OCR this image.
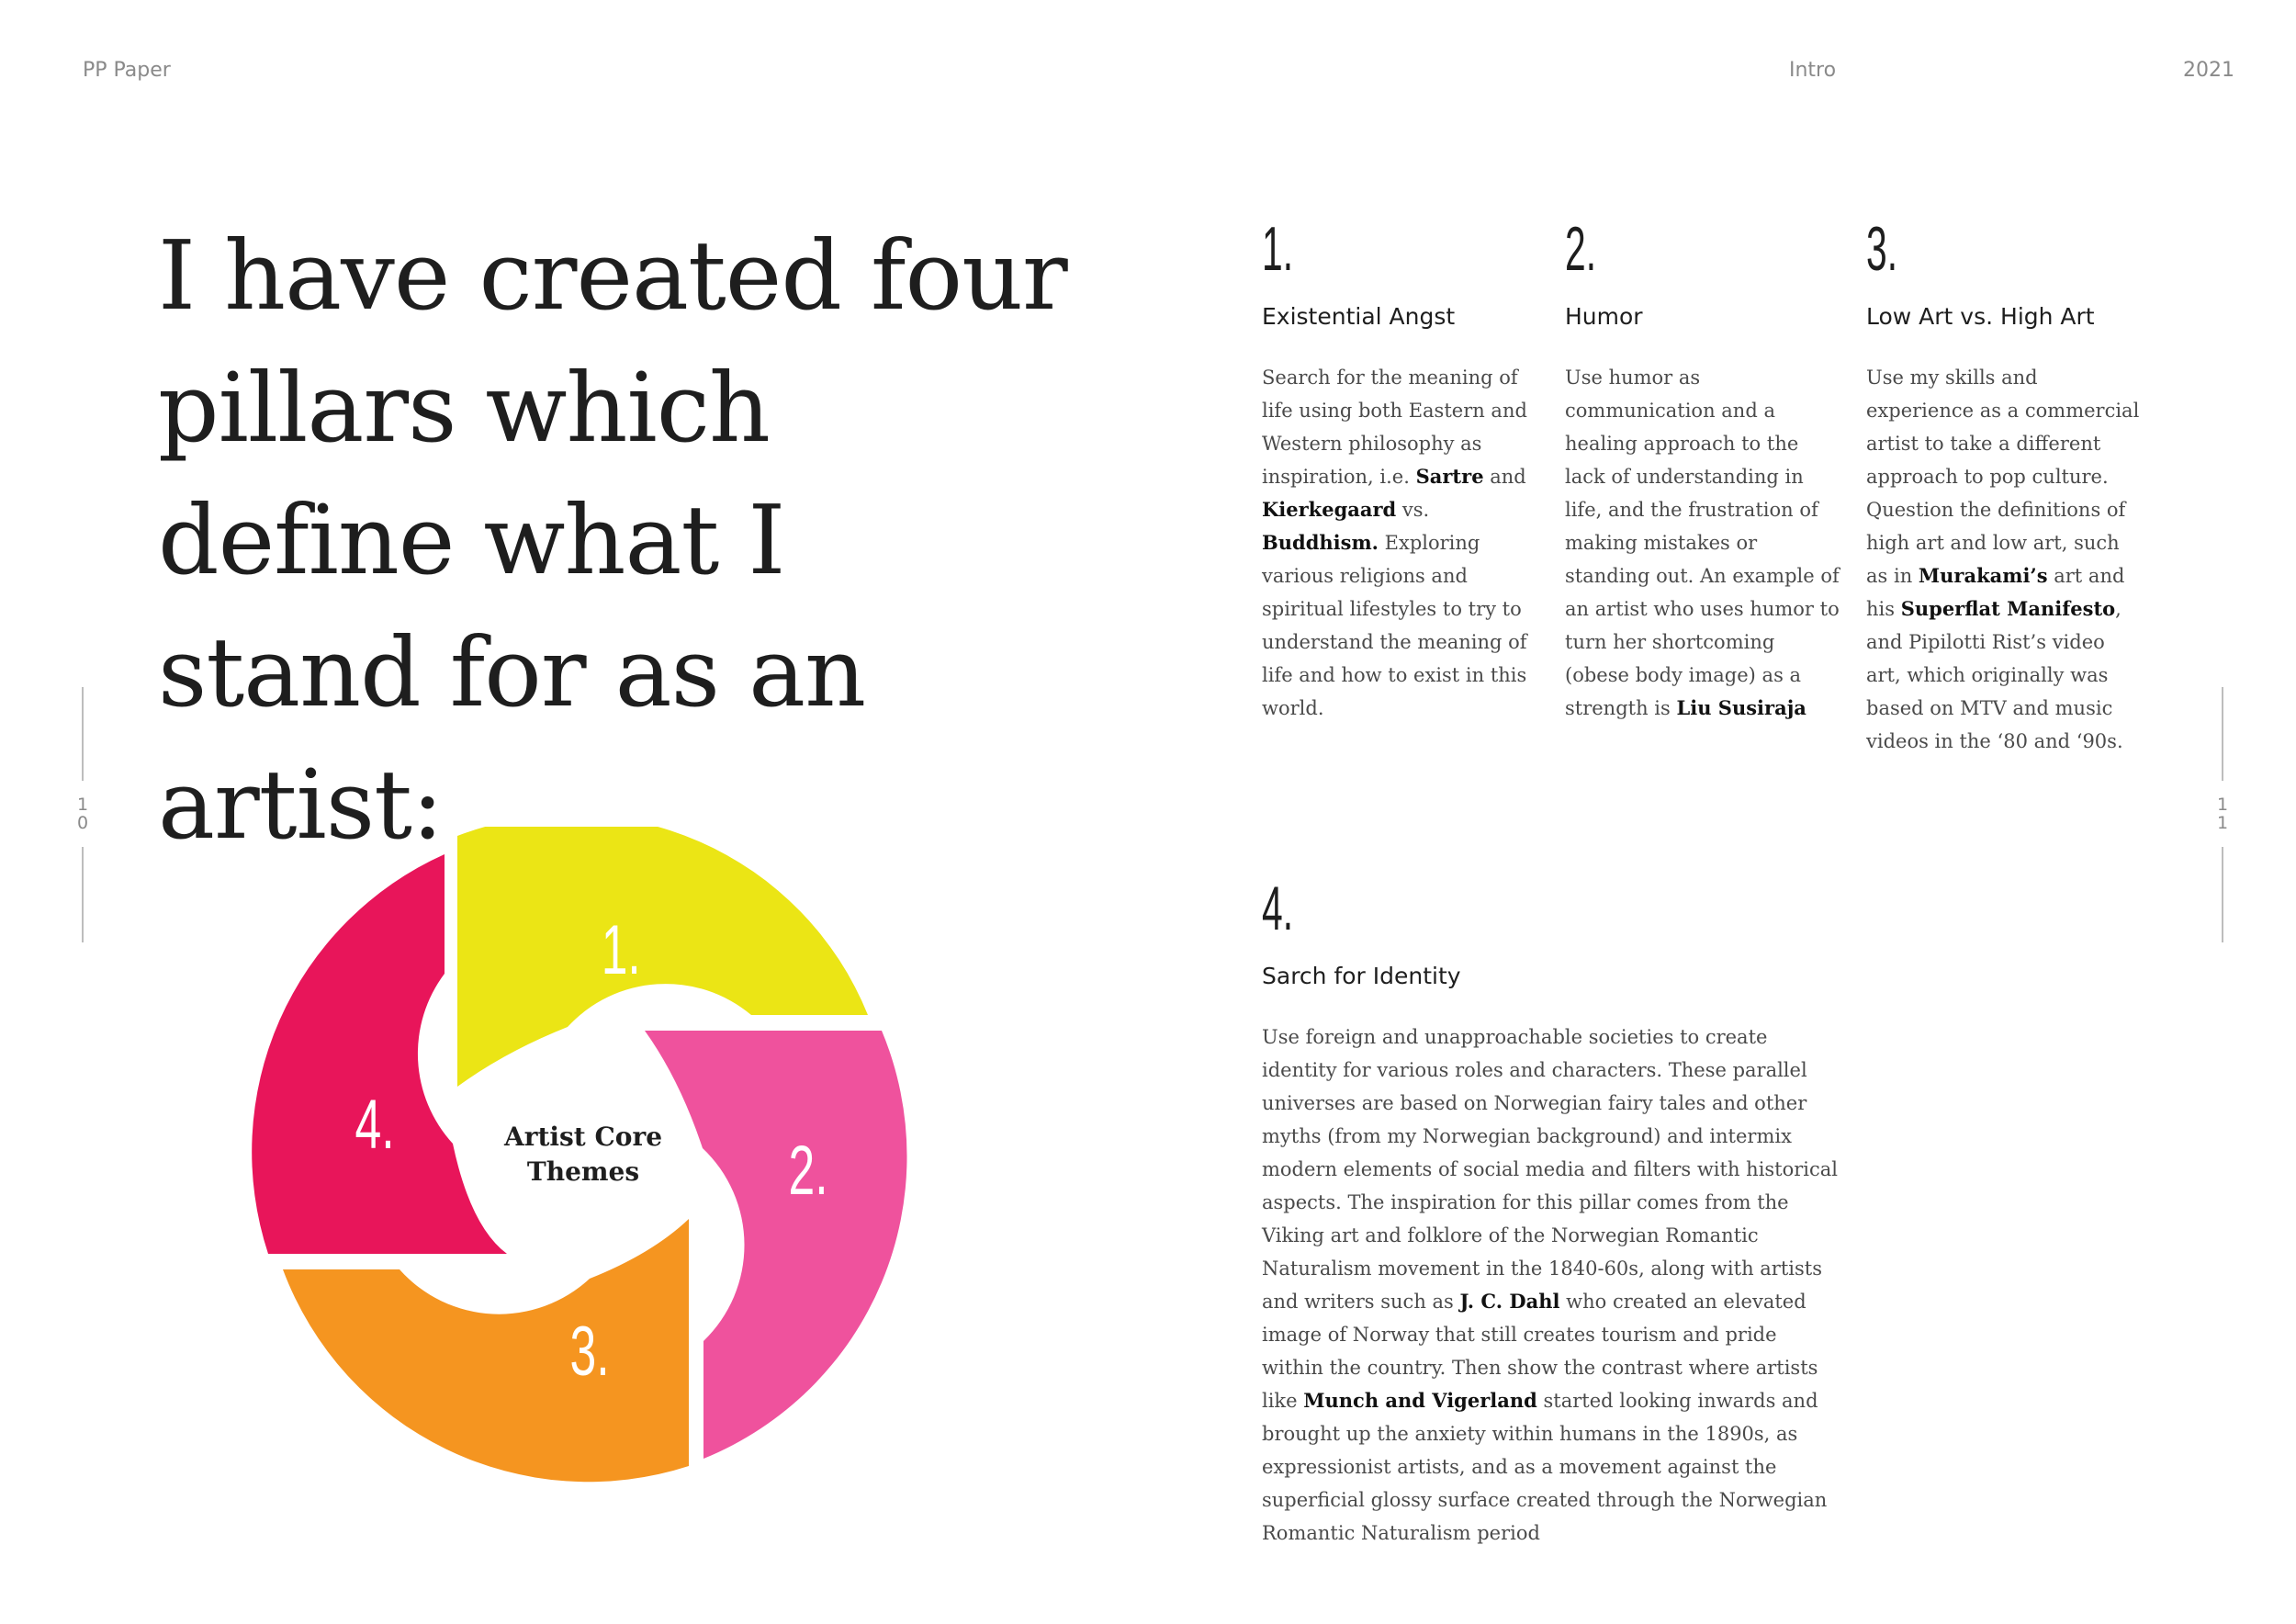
PP Paper	Intro	2021
1
0
1
1
I have created four pillars which define what I stand for as an artist:
1.
Existential Angst
Search for the meaning of life using both Eastern and Western philosophy as inspiration, i.e. Sartre and Kierkegaard vs. Buddhism. Exploring various religions and spiritual lifestyles to try to understand the meaning of life and how to exist in this world.
2.
Humor
Use humor as communication and a healing approach to the lack of understanding in life, and the frustration of making mistakes or standing out. An example of an artist who uses humor to turn her shortcoming (obese body image) as a strength is Liu Susiraja
3.
Low Art vs. High Art
Use my skills and experience as a commercial artist to take a different approach to pop culture. Question the definitions of high art and low art, such as in Murakami’s art and his Superflat Manifesto, and Pipilotti Rist’s video art, which originally was based on MTV and music videos in the ‘80 and ‘90s.
4.
Sarch for Identity
Use foreign and unapproachable societies to create identity for various roles and characters. These parallel universes are based on Norwegian fairy tales and other myths (from my Norwegian background) and intermix modern elements of social media and filters with historical aspects. The inspiration for this pillar comes from the Viking art and folklore of the Norwegian Romantic Naturalism movement in the 1840-60s, along with artists and writers such as J. C. Dahl who created an elevated image of Norway that still creates tourism and pride within the country. Then show the contrast where artists like Munch and Vigerland started looking inwards and brought up the anxiety within humans in the 1890s, as expressionist artists, and as a movement against the superficial glossy surface created through the Norwegian Romantic Naturalism period
1.
2.
3.
4.	Artist Core
Themes
